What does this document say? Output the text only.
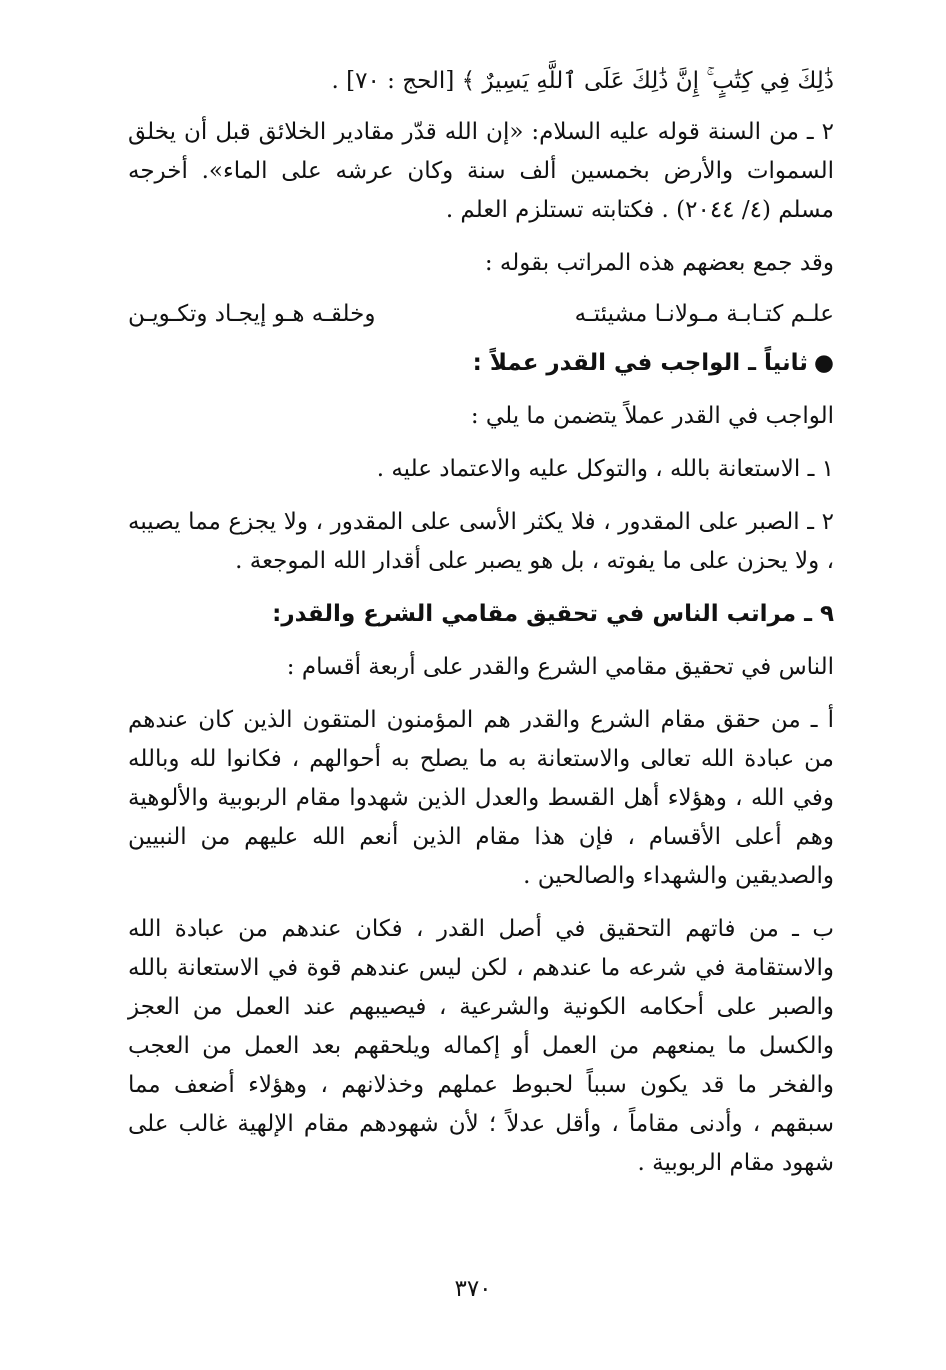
ذَٰلِكَ فِي كِتَٰبٍ ۚ إِنَّ ذَٰلِكَ عَلَى ٱللَّهِ يَسِيرٌ ﴾ [الحج : ٧٠] .

٢ ـ من السنة قوله عليه السلام: «إن الله قدّر مقادير الخلائق قبل أن يخلق السموات والأرض بخمسين ألف سنة وكان عرشه على الماء». أخرجه مسلم (٤/ ٢٠٤٤) . فكتابته تستلزم العلم .

وقد جمع بعضهم هذه المراتب بقوله :

علـم كتـابـة مـولانـا مشيئتـه
وخلقـه هـو إيجـاد وتكـويـن
●ثانياً ـ الواجب في القدر عملاً :

الواجب في القدر عملاً يتضمن ما يلي :

١ ـ الاستعانة بالله ، والتوكل عليه والاعتماد عليه .

٢ ـ الصبر على المقدور ، فلا يكثر الأسى على المقدور ، ولا يجزع مما يصيبه ، ولا يحزن على ما يفوته ، بل هو يصبر على أقدار الله الموجعة .

٩ ـ مراتب الناس في تحقيق مقامي الشرع والقدر:

الناس في تحقيق مقامي الشرع والقدر على أربعة أقسام :

أ ـ من حقق مقام الشرع والقدر هم المؤمنون المتقون الذين كان عندهم من عبادة الله تعالى والاستعانة به ما يصلح به أحوالهم ، فكانوا لله وبالله وفي الله ، وهؤلاء أهل القسط والعدل الذين شهدوا مقام الربوبية والألوهية وهم أعلى الأقسام ، فإن هذا مقام الذين أنعم الله عليهم من النبيين والصديقين والشهداء والصالحين .

ب ـ من فاتهم التحقيق في أصل القدر ، فكان عندهم من عبادة الله والاستقامة في شرعه ما عندهم ، لكن ليس عندهم قوة في الاستعانة بالله والصبر على أحكامه الكونية والشرعية ، فيصيبهم عند العمل من العجز والكسل ما يمنعهم من العمل أو إكماله ويلحقهم بعد العمل من العجب والفخر ما قد يكون سبباً لحبوط عملهم وخذلانهم ، وهؤلاء أضعف مما سبقهم ، وأدنى مقاماً ، وأقل عدلاً ؛ لأن شهودهم مقام الإلهية غالب على شهود مقام الربوبية .

٣٧٠
